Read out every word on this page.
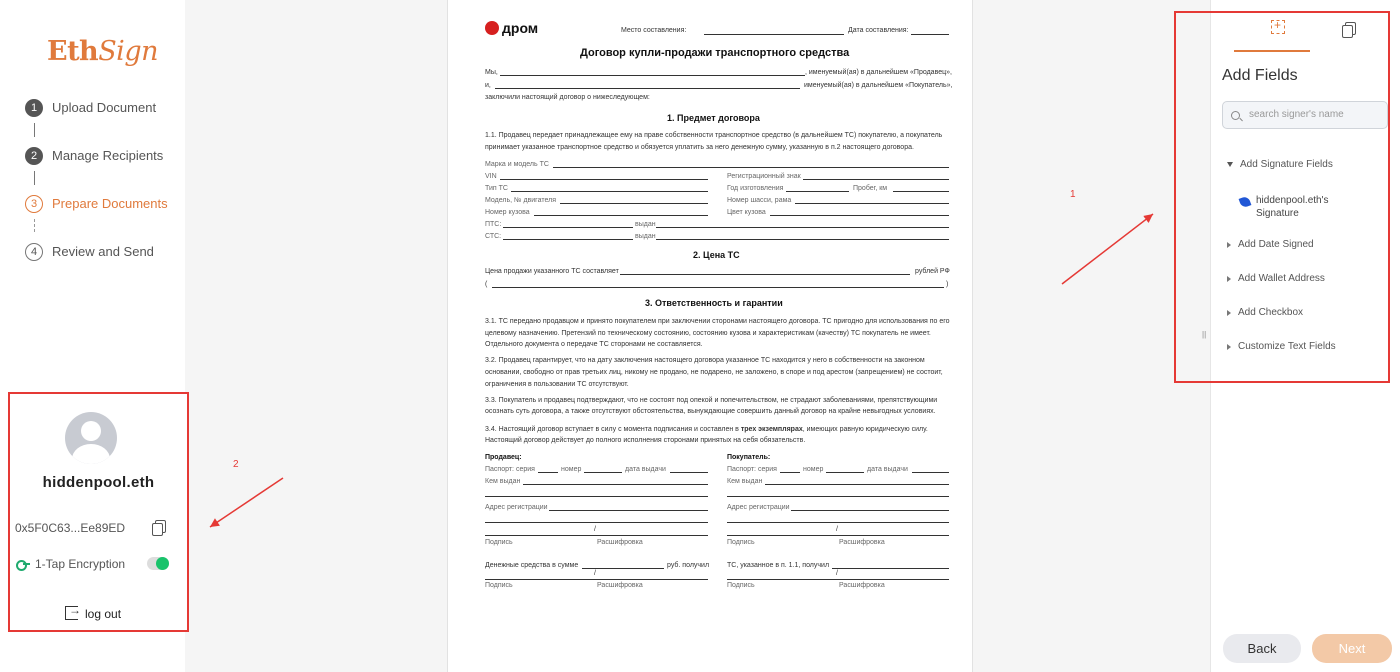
EthSign
1	Upload Document
2	Manage Recipients
3	Prepare Documents
4	Review and Send
hiddenpool.eth
0x5F0C63...Ee89ED
1-Tap Encryption
→
log out
дром	Место составления:	Дата составления:
Договор купли-продажи транспортного средства
Мы,	, именуемый(ая) в дальнейшем «Продавец»,
и,	именуемый(ая) в дальнейшем «Покупатель»,
заключили настоящий договор о нижеследующем:
1. Предмет договора
1.1. Продавец передает принадлежащее ему на праве собственности транспортное средство (в дальнейшем ТС) покупателю, а покупатель
принимает указанное транспортное средство и обязуется уплатить за него денежную сумму, указанную в п.2 настоящего договора.
Марка и модель ТС
VIN	Регистрационный знак
Тип ТС	Год изготовления	Пробег, км
Модель, № двигателя	Номер шасси, рама
Номер кузова	Цвет кузова
ПТС:	выдан
СТС:	выдан
2. Цена ТС
Цена продажи указанного ТС составляет	рублей РФ
(	)
3. Ответственность и гарантии
3.1. ТС передано продавцом и принято покупателем при заключении сторонами настоящего договора. ТС пригодно для использования по его
целевому назначению. Претензий по техническому состоянию, состоянию кузова и характеристикам (качеству) ТС покупатель не имеет.
Отдельного документа о передаче ТС сторонами не составляется.
3.2. Продавец гарантирует, что на дату заключения настоящего договора указанное ТС находится у него в собственности на законном
основании, свободно от прав третьих лиц, никому не продано, не подарено, не заложено, в споре и под арестом (запрещением) не состоит,
ограничения в пользовании ТС отсутствуют.
3.3. Покупатель и продавец подтверждают, что не состоят под опекой и попечительством, не страдают заболеваниями, препятствующими
осознать суть договора, а также отсутствуют обстоятельства, вынуждающие совершить данный договор на крайне невыгодных условиях.
3.4. Настоящий договор вступает в силу с момента подписания и составлен в трех экземплярах, имеющих равную юридическую силу.
Настоящий договор действует до полного исполнения сторонами принятых на себя обязательств.
Продавец:	Покупатель:
Паспорт: серия	номер	дата выдачи	Паспорт: серия	номер	дата выдачи
Кем выдан	Кем выдан
Адрес регистрации	Адрес регистрации
/
Подпись	Расшифровка
/
Подпись	Расшифровка
Денежные средства в сумме	руб. получил	ТС, указанное в п. 1.1, получил
/
Подпись	Расшифровка
/
Подпись	Расшифровка
||
+
Add Fields
search signer's name
Add Signature Fields
hiddenpool.eth's Signature
Add Date Signed
Add Wallet Address
Add Checkbox
Customize Text Fields
Back	Next
1
2
